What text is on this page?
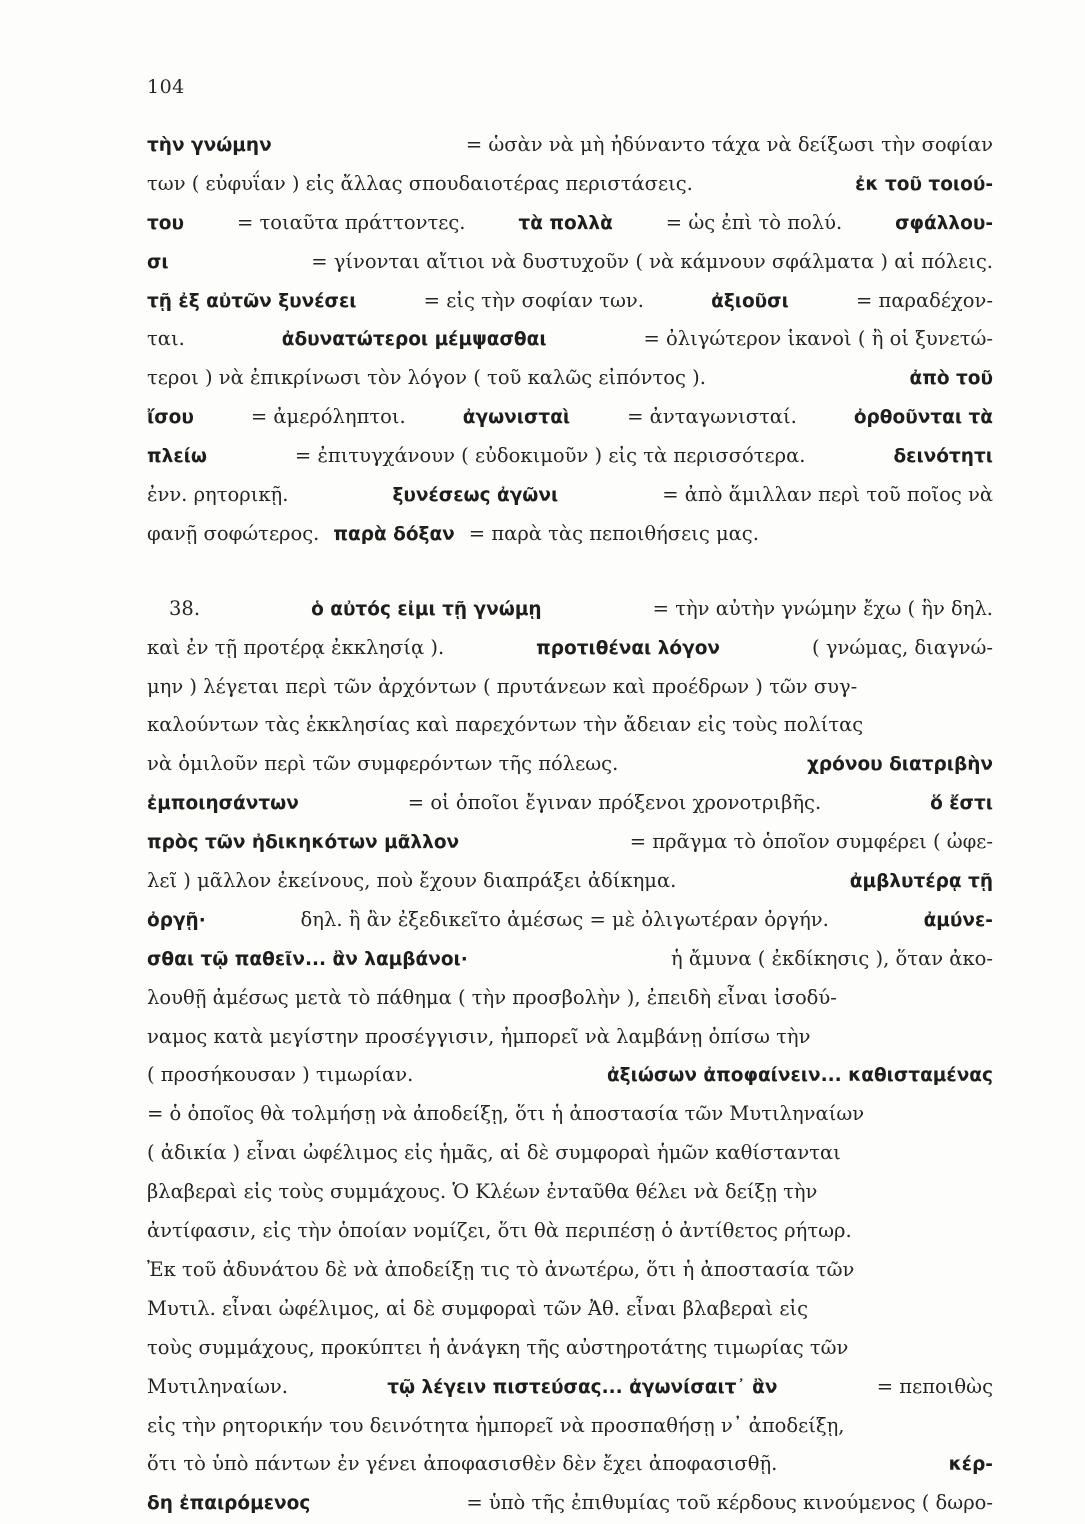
104
τὴν γνώμην	= ὡσὰν νὰ μὴ ἠδύναντο τάχα νὰ δείξωσι τὴν σοφίαν
των ( εὐφυΐαν ) εἰς ἄλλας σπουδαιοτέρας περιστάσεις.	ἐκ τοῦ τοιού-
του	= τοιαῦτα πράττοντες.	τὰ πολλὰ	= ὡς ἐπὶ τὸ πολύ.	σφάλλου-
σι	= γίνονται αἴτιοι νὰ δυστυχοῦν ( νὰ κάμνουν σφάλματα ) αἱ πόλεις.
τῇ ἐξ αὐτῶν ξυνέσει	= εἰς τὴν σοφίαν των.	ἀξιοῦσι	= παραδέχον-
ται.	ἀδυνατώτεροι μέμψασθαι	= ὀλιγώτερον ἱκανοὶ ( ἢ οἱ ξυνετώ-
τεροι ) νὰ ἐπικρίνωσι τὸν λόγον ( τοῦ καλῶς εἰπόντος ).	ἀπὸ τοῦ
ἴσου	= ἀμερόληπτοι.	ἀγωνισταὶ	= ἀνταγωνισταί.	ὀρθοῦνται τὰ
πλείω	= ἐπιτυγχάνουν ( εὐδοκιμοῦν ) εἰς τὰ περισσότερα.	δεινότητι
ἐνν. ρητορικῇ.	ξυνέσεως ἀγῶνι	= ἀπὸ ἅμιλλαν περὶ τοῦ ποῖος νὰ
φανῇ σοφώτερος. παρὰ δόξαν = παρὰ τὰς πεποιθήσεις μας.
38.	ὁ αὐτός εἰμι τῇ γνώμῃ	= τὴν αὐτὴν γνώμην ἔχω ( ἣν δηλ.
καὶ ἐν τῇ προτέρᾳ ἐκκλησίᾳ ).	προτιθέναι λόγον	( γνώμας, διαγνώ-
μην ) λέγεται περὶ τῶν ἀρχόντων ( πρυτάνεων καὶ προέδρων ) τῶν συγ-
καλούντων τὰς ἐκκλησίας καὶ παρεχόντων τὴν ἄδειαν εἰς τοὺς πολίτας
νὰ ὁμιλοῦν περὶ τῶν συμφερόντων τῆς πόλεως.	χρόνου διατριβὴν
ἐμποιησάντων	= οἱ ὁποῖοι ἔγιναν πρόξενοι χρονοτριβῆς.	ὅ ἔστι
πρὸς τῶν ἠδικηκότων μᾶλλον	= πρᾶγμα τὸ ὁποῖον συμφέρει ( ὠφε-
λεῖ ) μᾶλλον ἐκείνους, ποὺ ἔχουν διαπράξει ἀδίκημα.	ἀμβλυτέρᾳ τῇ
ὀργῇ·	δηλ. ἢ ἂν ἐξεδικεῖτο ἀμέσως = μὲ ὀλιγωτέραν ὀργήν.	ἀμύνε-
σθαι τῷ παθεῖν... ἂν λαμβάνοι·	ἡ ἄμυνα ( ἐκδίκησις ), ὅταν ἀκο-
λουθῇ ἀμέσως μετὰ τὸ πάθημα ( τὴν προσβολὴν ), ἐπειδὴ εἶναι ἰσοδύ-
ναμος κατὰ μεγίστην προσέγγισιν, ἠμπορεῖ νὰ λαμβάνῃ ὀπίσω τὴν
( προσήκουσαν ) τιμωρίαν.	ἀξιώσων ἀποφαίνειν... καθισταμένας
= ὁ ὁποῖος θὰ τολμήσῃ νὰ ἀποδείξῃ, ὅτι ἡ ἀποστασία τῶν Μυτιληναίων
( ἀδικία ) εἶναι ὠφέλιμος εἰς ἡμᾶς, αἱ δὲ συμφοραὶ ἡμῶν καθίστανται
βλαβεραὶ εἰς τοὺς συμμάχους. Ὁ Κλέων ἐνταῦθα θέλει νὰ δείξῃ τὴν
ἀντίφασιν, εἰς τὴν ὁποίαν νομίζει, ὅτι θὰ περιπέσῃ ὁ ἀντίθετος ρήτωρ.
Ἐκ τοῦ ἀδυνάτου δὲ νὰ ἀποδείξῃ τις τὸ ἀνωτέρω, ὅτι ἡ ἀποστασία τῶν
Μυτιλ. εἶναι ὠφέλιμος, αἱ δὲ συμφοραὶ τῶν Ἀθ. εἶναι βλαβεραὶ εἰς
τοὺς συμμάχους, προκύπτει ἡ ἀνάγκη τῆς αὐστηροτάτης τιμωρίας τῶν
Μυτιληναίων.	τῷ λέγειν πιστεύσας... ἀγωνίσαιτ᾽ ἂν	= πεποιθὼς
εἰς τὴν ρητορικήν του δεινότητα ἠμπορεῖ νὰ προσπαθήσῃ ν᾽ ἀποδείξῃ,
ὅτι τὸ ὑπὸ πάντων ἐν γένει ἀποφασισθὲν δὲν ἔχει ἀποφασισθῇ.	κέρ-
δη ἐπαιρόμενος	= ὑπὸ τῆς ἐπιθυμίας τοῦ κέρδους κινούμενος ( δωρο-
